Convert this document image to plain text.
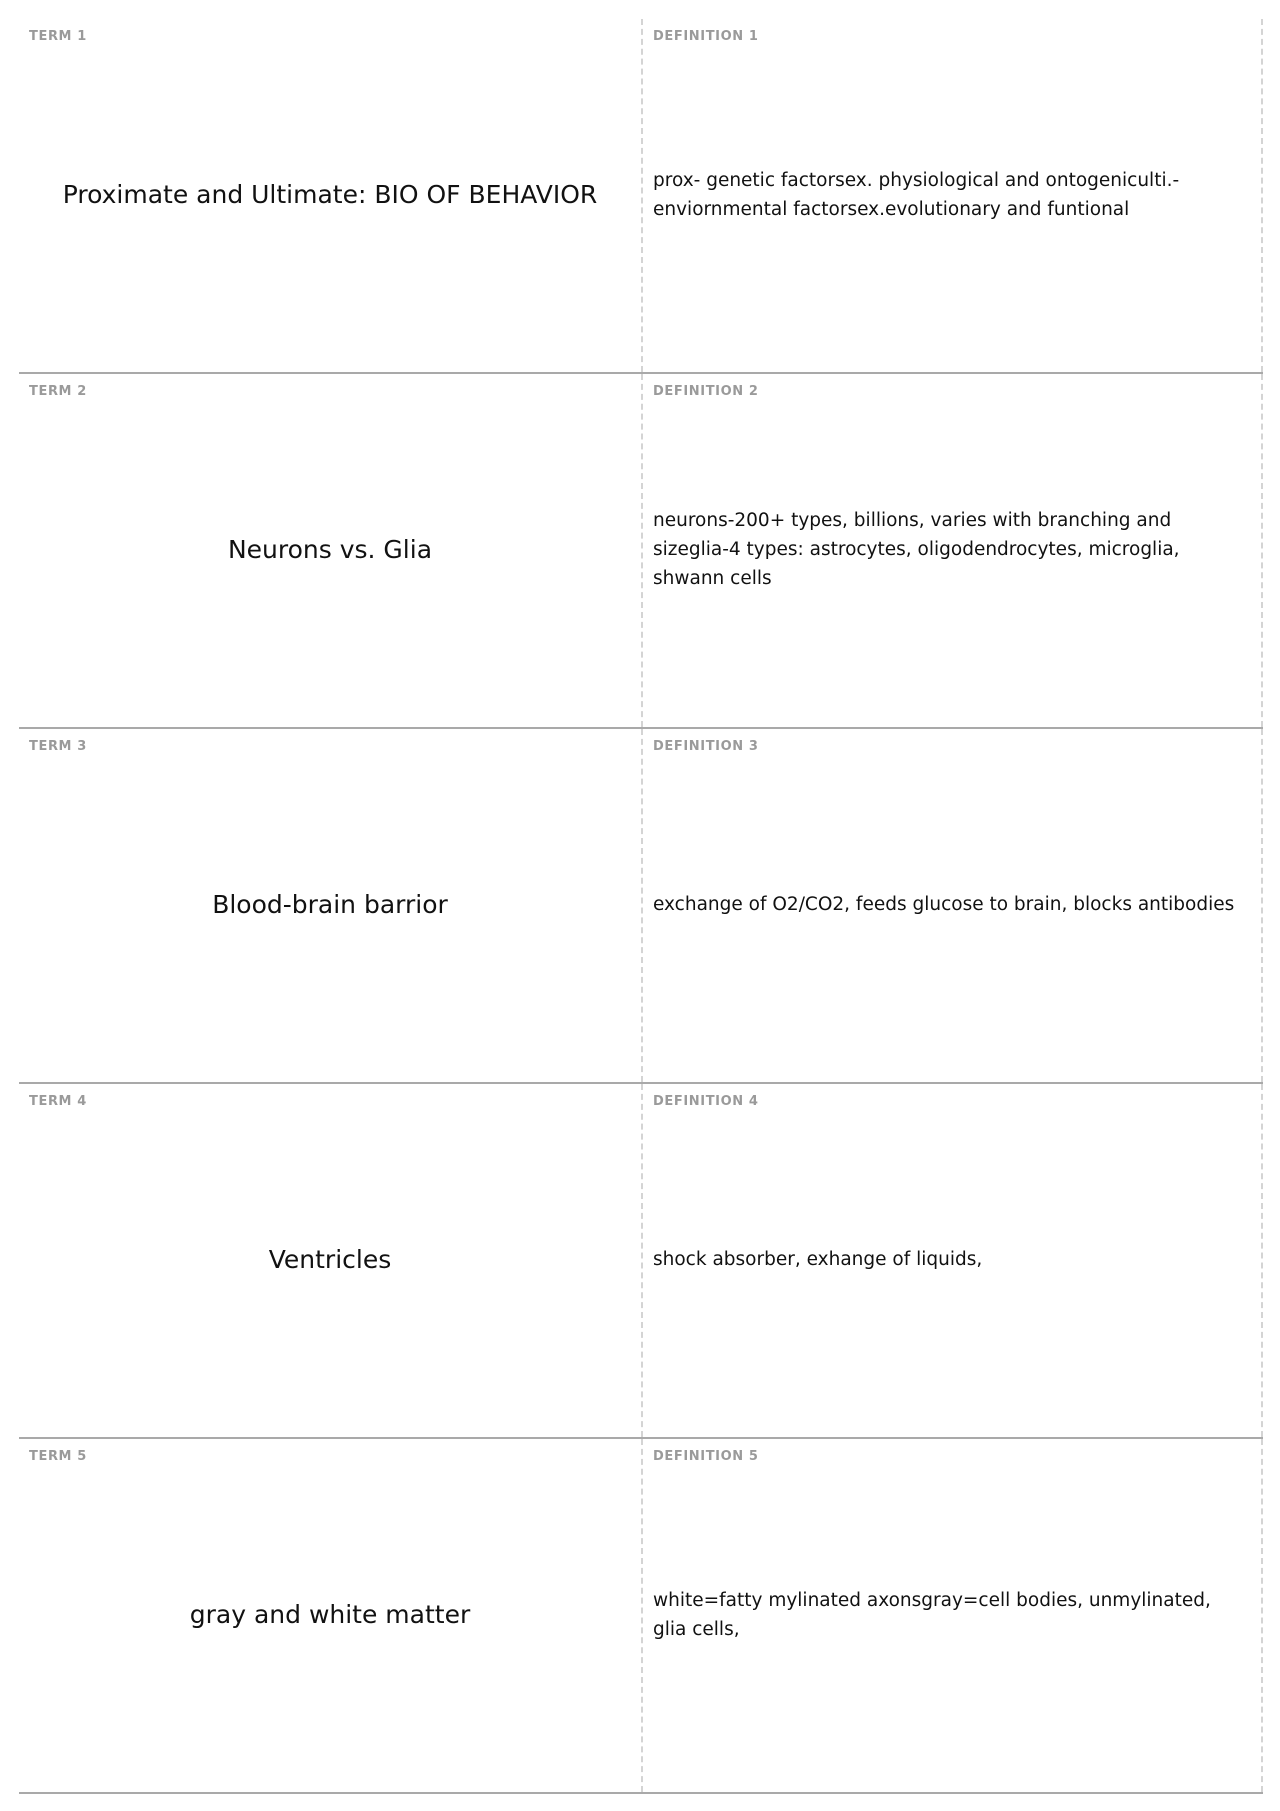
TERM 1
Proximate and Ultimate: BIO OF BEHAVIOR
DEFINITION 1
prox- genetic factorsex. physiological and ontogeniculti.- enviornmental factorsex.evolutionary and funtional
TERM 2
Neurons vs. Glia
DEFINITION 2
neurons-200+ types, billions, varies with branching and sizeglia-4 types: astrocytes, oligodendrocytes, microglia, shwann cells
TERM 3
Blood-brain barrior
DEFINITION 3
exchange of O2/CO2, feeds glucose to brain, blocks antibodies
TERM 4
Ventricles
DEFINITION 4
shock absorber, exhange of liquids,
TERM 5
gray and white matter
DEFINITION 5
white=fatty mylinated axonsgray=cell bodies, unmylinated, glia cells,
